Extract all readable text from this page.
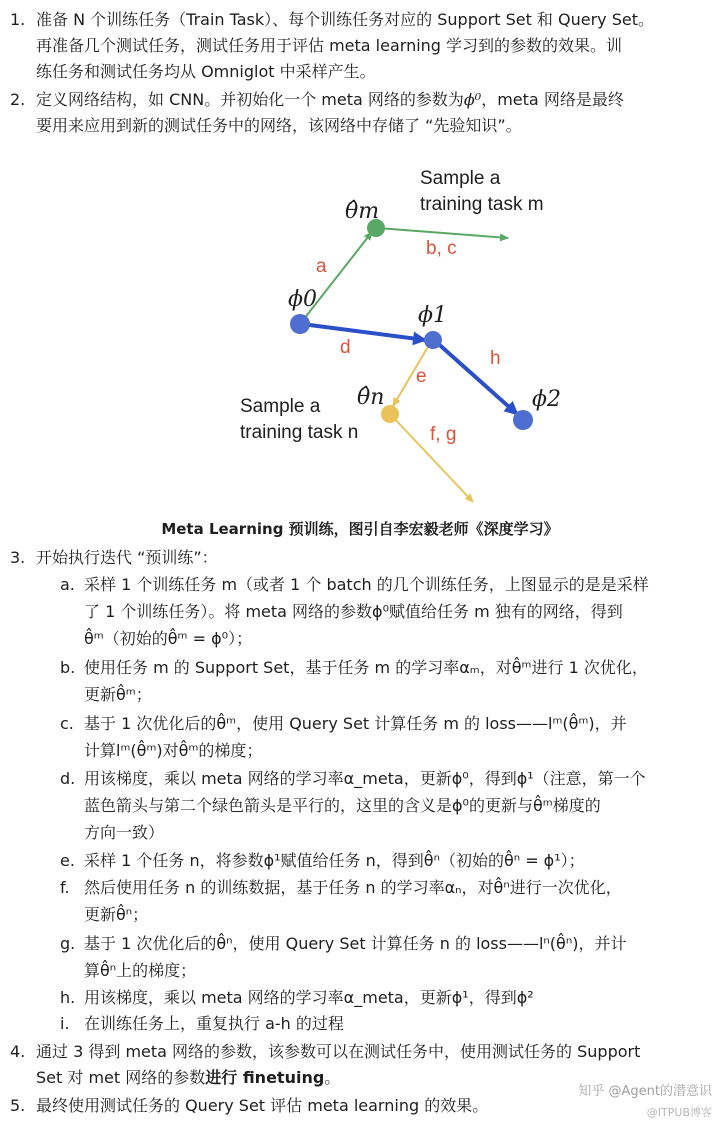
1. 准备 N 个训练任务（Train Task）、每个训练任务对应的 Support Set 和 Query Set。
再准备几个测试任务，测试任务用于评估 meta learning 学习到的参数的效果。训
练任务和测试任务均从 Omniglot 中采样产生。
2. 定义网络结构，如 CNN。并初始化一个 meta 网络的参数为ϕ⁰，meta 网络是最终
要用来应用到新的测试任务中的网络，该网络中存储了 “先验知识”。
θ̂m
ϕ0
ϕ1
θ̂n	ϕ2
Sample a
training task m
Sample a
training task n
a
b, c
d
e
f, g
h
Meta Learning 预训练，图引自李宏毅老师《深度学习》
3. 开始执行迭代 “预训练”：
a. 采样 1 个训练任务 m（或者 1 个 batch 的几个训练任务，上图显示的是是采样
了 1 个训练任务）。将 meta 网络的参数ϕ⁰赋值给任务 m 独有的网络，得到
θ̂ᵐ（初始的θ̂ᵐ = ϕ⁰）；
b. 使用任务 m 的 Support Set，基于任务 m 的学习率αₘ，对θ̂ᵐ进行 1 次优化，
更新θ̂ᵐ；
c. 基于 1 次优化后的θ̂ᵐ，使用 Query Set 计算任务 m 的 loss——lᵐ(θ̂ᵐ)，并
计算lᵐ(θ̂ᵐ)对θ̂ᵐ的梯度；
d. 用该梯度，乘以 meta 网络的学习率α_meta，更新ϕ⁰，得到ϕ¹（注意，第一个
蓝色箭头与第二个绿色箭头是平行的，这里的含义是ϕ⁰的更新与θ̂ᵐ梯度的
方向一致）
e. 采样 1 个任务 n，将参数ϕ¹赋值给任务 n，得到θ̂ⁿ（初始的θ̂ⁿ = ϕ¹）；
f. 然后使用任务 n 的训练数据，基于任务 n 的学习率αₙ，对θ̂ⁿ进行一次优化，
更新θ̂ⁿ；
g. 基于 1 次优化后的θ̂ⁿ，使用 Query Set 计算任务 n 的 loss——lⁿ(θ̂ⁿ)，并计
算θ̂ⁿ上的梯度；
h. 用该梯度，乘以 meta 网络的学习率α_meta，更新ϕ¹，得到ϕ²
i. 在训练任务上，重复执行 a-h 的过程
4. 通过 3 得到 meta 网络的参数，该参数可以在测试任务中，使用测试任务的 Support
Set 对 met 网络的参数进行 finetuing。
5. 最终使用测试任务的 Query Set 评估 meta learning 的效果。
知乎 @Agent的潜意识
@ITPUB博客
